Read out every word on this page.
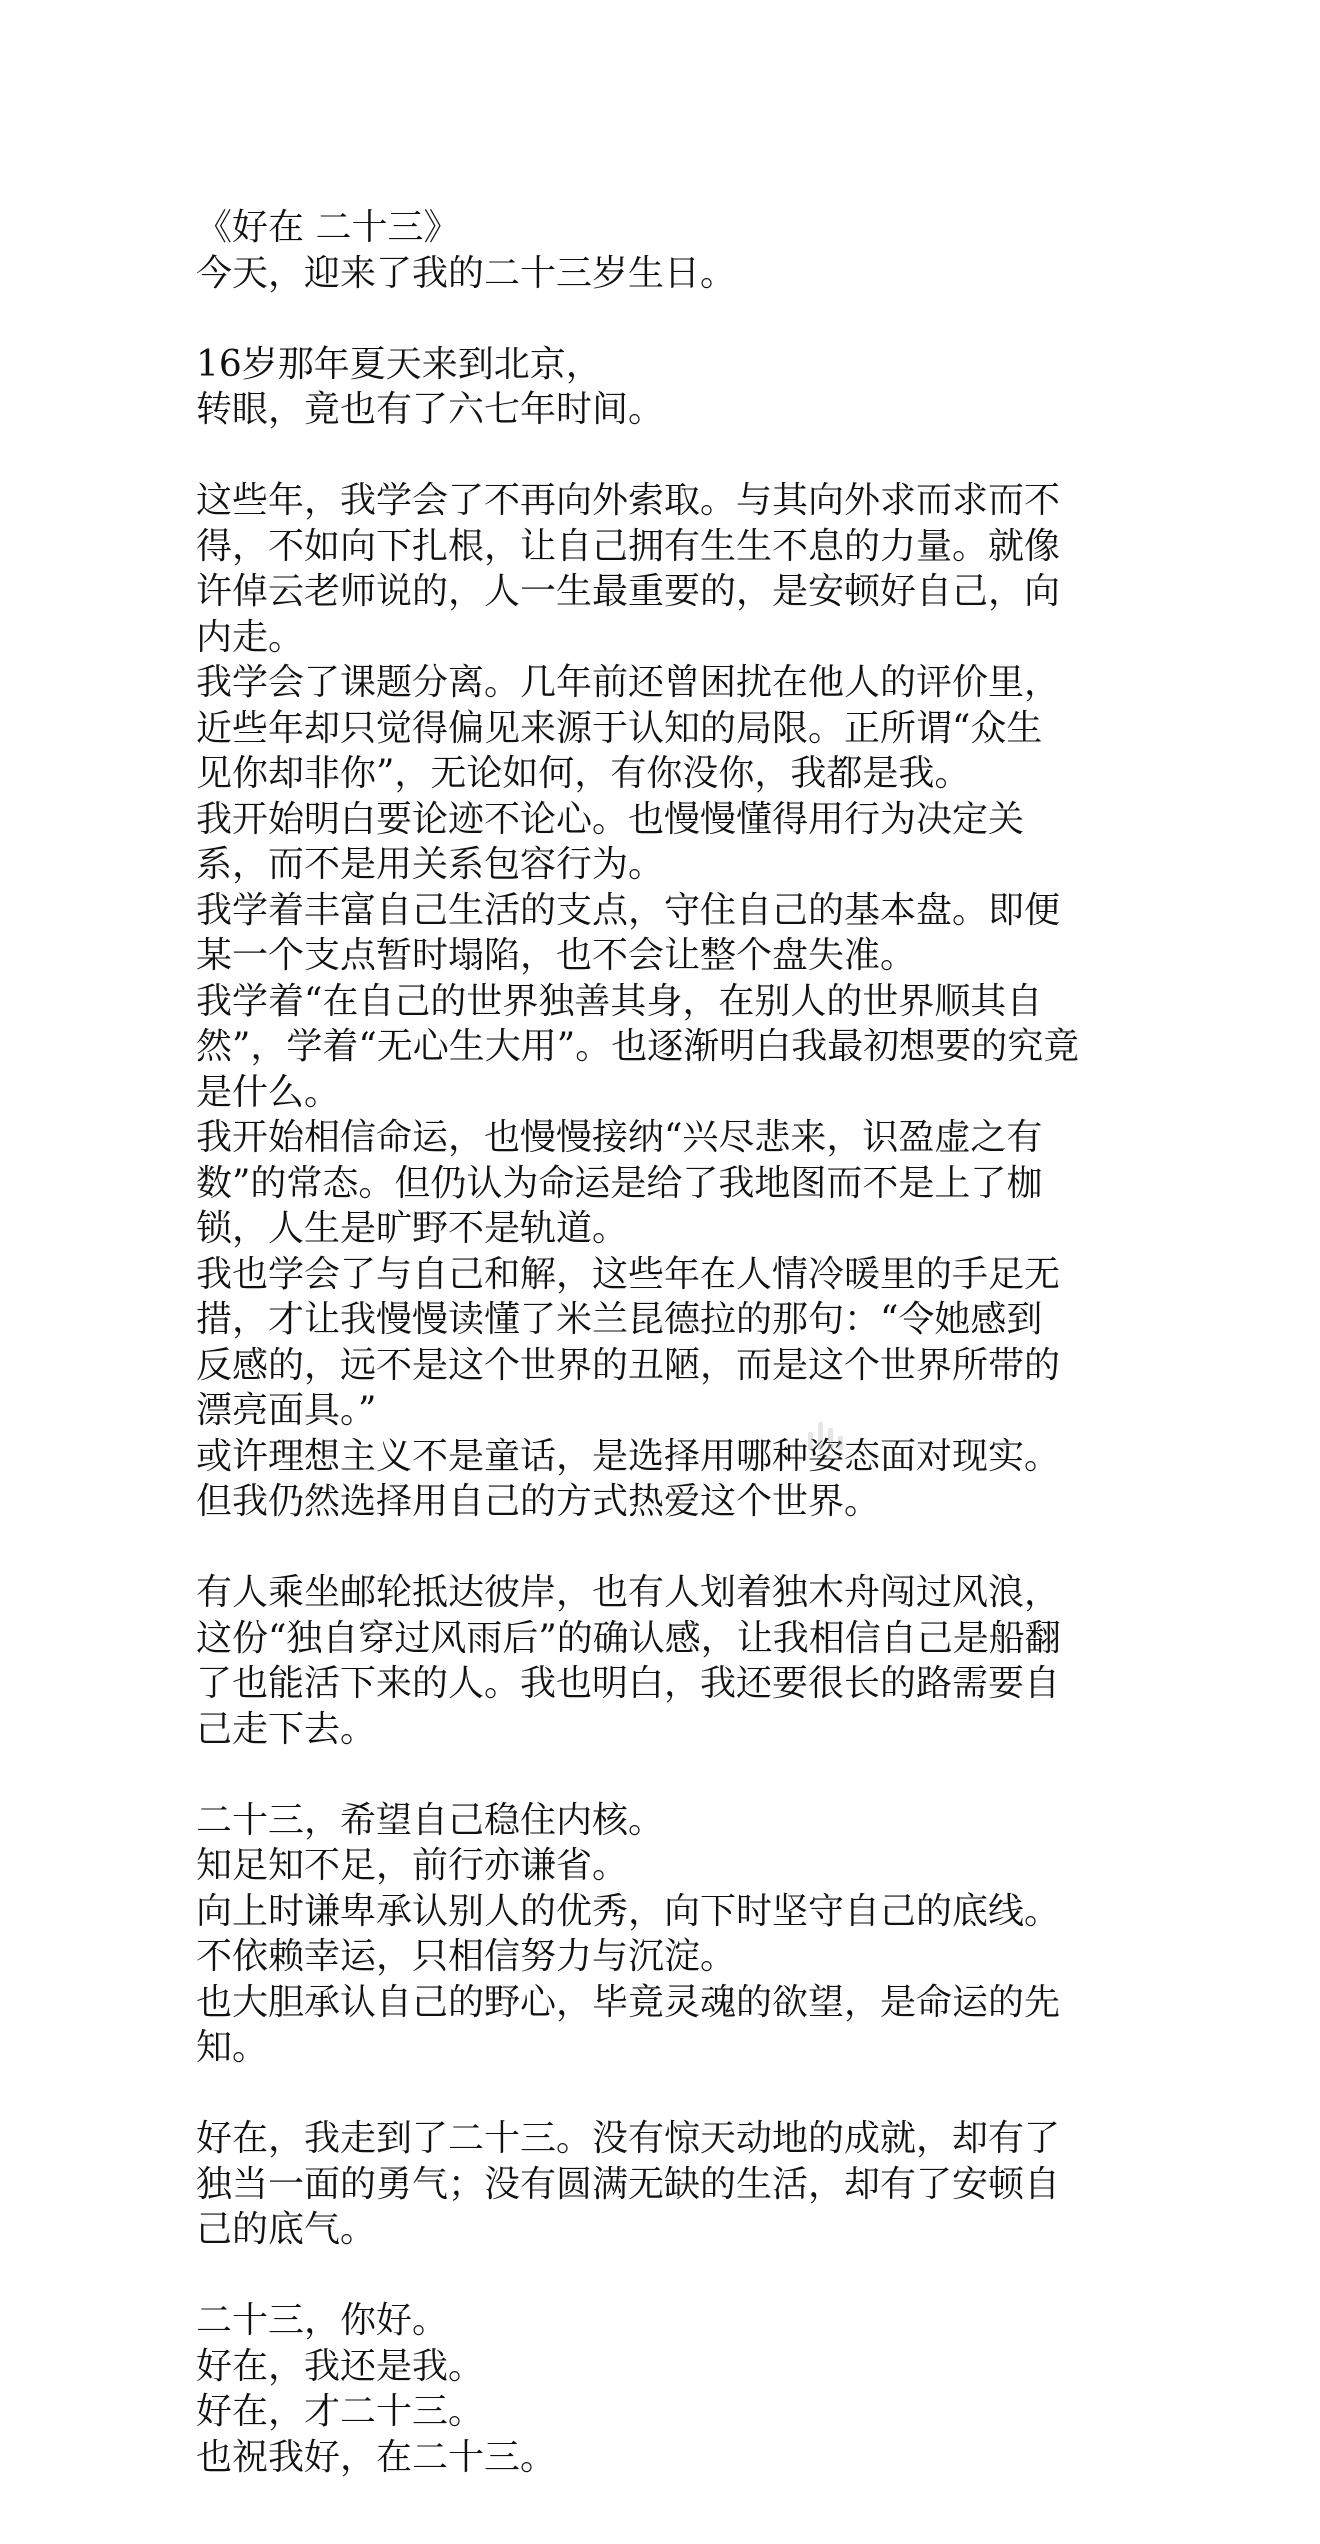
《好在 二十三》
今天，迎来了我的二十三岁生日。
16岁那年夏天来到北京，
转眼，竟也有了六七年时间。
这些年，我学会了不再向外索取。与其向外求而求而不
得，不如向下扎根，让自己拥有生生不息的力量。就像
许倬云老师说的，人一生最重要的，是安顿好自己，向
内走。
我学会了课题分离。几年前还曾困扰在他人的评价里，
近些年却只觉得偏见来源于认知的局限。正所谓“众生
见你却非你”，无论如何，有你没你，我都是我。
我开始明白要论迹不论心。也慢慢懂得用行为决定关
系，而不是用关系包容行为。
我学着丰富自己生活的支点，守住自己的基本盘。即便
某一个支点暂时塌陷，也不会让整个盘失准。
我学着“在自己的世界独善其身，在别人的世界顺其自
然”，学着“无心生大用”。也逐渐明白我最初想要的究竟
是什么。
我开始相信命运，也慢慢接纳“兴尽悲来，识盈虚之有
数”的常态。但仍认为命运是给了我地图而不是上了枷
锁，人生是旷野不是轨道。
我也学会了与自己和解，这些年在人情冷暖里的手足无
措，才让我慢慢读懂了米兰昆德拉的那句：“令她感到
反感的，远不是这个世界的丑陋，而是这个世界所带的
漂亮面具。”
或许理想主义不是童话，是选择用哪种姿态面对现实。
但我仍然选择用自己的方式热爱这个世界。
有人乘坐邮轮抵达彼岸，也有人划着独木舟闯过风浪，
这份“独自穿过风雨后”的确认感，让我相信自己是船翻
了也能活下来的人。我也明白，我还要很长的路需要自
己走下去。
二十三，希望自己稳住内核。
知足知不足，前行亦谦省。
向上时谦卑承认别人的优秀，向下时坚守自己的底线。
不依赖幸运，只相信努力与沉淀。
也大胆承认自己的野心，毕竟灵魂的欲望，是命运的先
知。
好在，我走到了二十三。没有惊天动地的成就，却有了
独当一面的勇气；没有圆满无缺的生活，却有了安顿自
己的底气。
二十三，你好。
好在，我还是我。
好在，才二十三。
也祝我好，在二十三。
